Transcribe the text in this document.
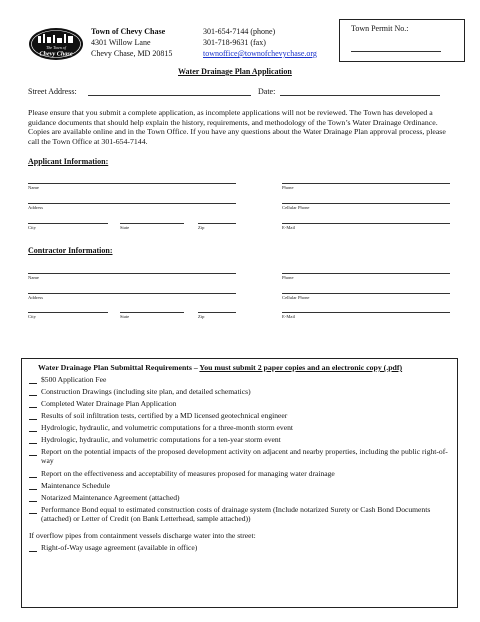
The Town of
Chevy Chase
Town of Chevy Chase
4301 Willow Lane
Chevy Chase, MD 20815
301-654-7144 (phone)
301-718-9631 (fax)
townoffice@townofchevychase.org
Town Permit No.:
Water Drainage Plan Application
Street Address:	Date:
Please ensure that you submit a complete application, as incomplete applications will not be reviewed. The Town has developed a guidance documents that should help explain the history, requirements, and methodology of the Town’s Water Drainage Ordinance. Copies are available online and in the Town Office. If you have any questions about the Water Drainage Plan approval process, please call the Town Office at 301-654-7144.
Applicant Information:
Name	Phone
Address	Cellular Phone
City	State	Zip	E-Mail
Contractor Information:
Name	Phone
Address	Cellular Phone
City	State	Zip	E-Mail
Water Drainage Plan Submittal Requirements – You must submit 2 paper copies and an electronic copy (.pdf)
$500 Application Fee
Construction Drawings (including site plan, and detailed schematics)
Completed Water Drainage Plan Application
Results of soil infiltration tests, certified by a MD licensed geotechnical engineer
Hydrologic, hydraulic, and volumetric computations for a three-month storm event
Hydrologic, hydraulic, and volumetric computations for a ten-year storm event
Report on the potential impacts of the proposed development activity on adjacent and nearby properties, including the public right-of-way
Report on the effectiveness and acceptability of measures proposed for managing water drainage
Maintenance Schedule
Notarized Maintenance Agreement (attached)
Performance Bond equal to estimated construction costs of drainage system (Include notarized Surety or Cash Bond Documents (attached) or Letter of Credit (on Bank Letterhead, sample attached))
If overflow pipes from containment vessels discharge water into the street:
Right-of-Way usage agreement (available in office)
